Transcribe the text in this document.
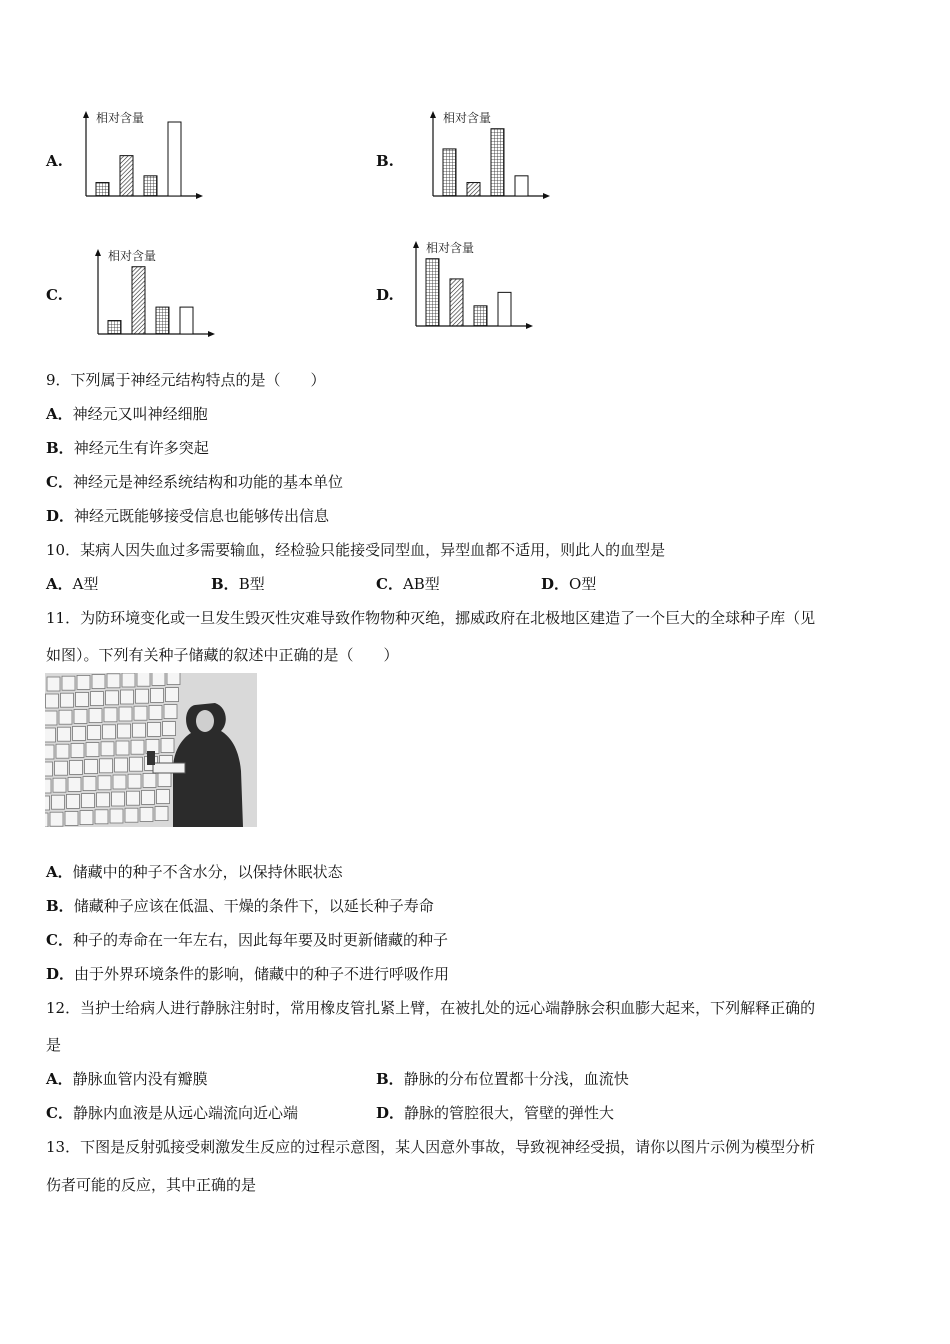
A.
相对含量
B.
相对含量
C.
相对含量
D.
相对含量
9．下列属于神经元结构特点的是（　　）
A．神经元又叫神经细胞
B．神经元生有许多突起
C．神经元是神经系统结构和功能的基本单位
D．神经元既能够接受信息也能够传出信息
10．某病人因失血过多需要输血，经检验只能接受同型血，异型血都不适用，则此人的血型是
A．A型	B．B型	C．AB型	D．O型
11．为防环境变化或一旦发生毁灭性灾难导致作物物种灭绝，挪威政府在北极地区建造了一个巨大的全球种子库（见
如图）。下列有关种子储藏的叙述中正确的是（　　）
A．储藏中的种子不含水分，以保持休眠状态
B．储藏种子应该在低温、干燥的条件下，以延长种子寿命
C．种子的寿命在一年左右，因此每年要及时更新储藏的种子
D．由于外界环境条件的影响，储藏中的种子不进行呼吸作用
12．当护士给病人进行静脉注射时，常用橡皮管扎紧上臂，在被扎处的远心端静脉会积血膨大起来，下列解释正确的
是
A．静脉血管内没有瓣膜	B．静脉的分布位置都十分浅，血流快
C．静脉内血液是从远心端流向近心端	D．静脉的管腔很大，管壁的弹性大
13．下图是反射弧接受刺激发生反应的过程示意图，某人因意外事故，导致视神经受损，请你以图片示例为模型分析
伤者可能的反应，其中正确的是
